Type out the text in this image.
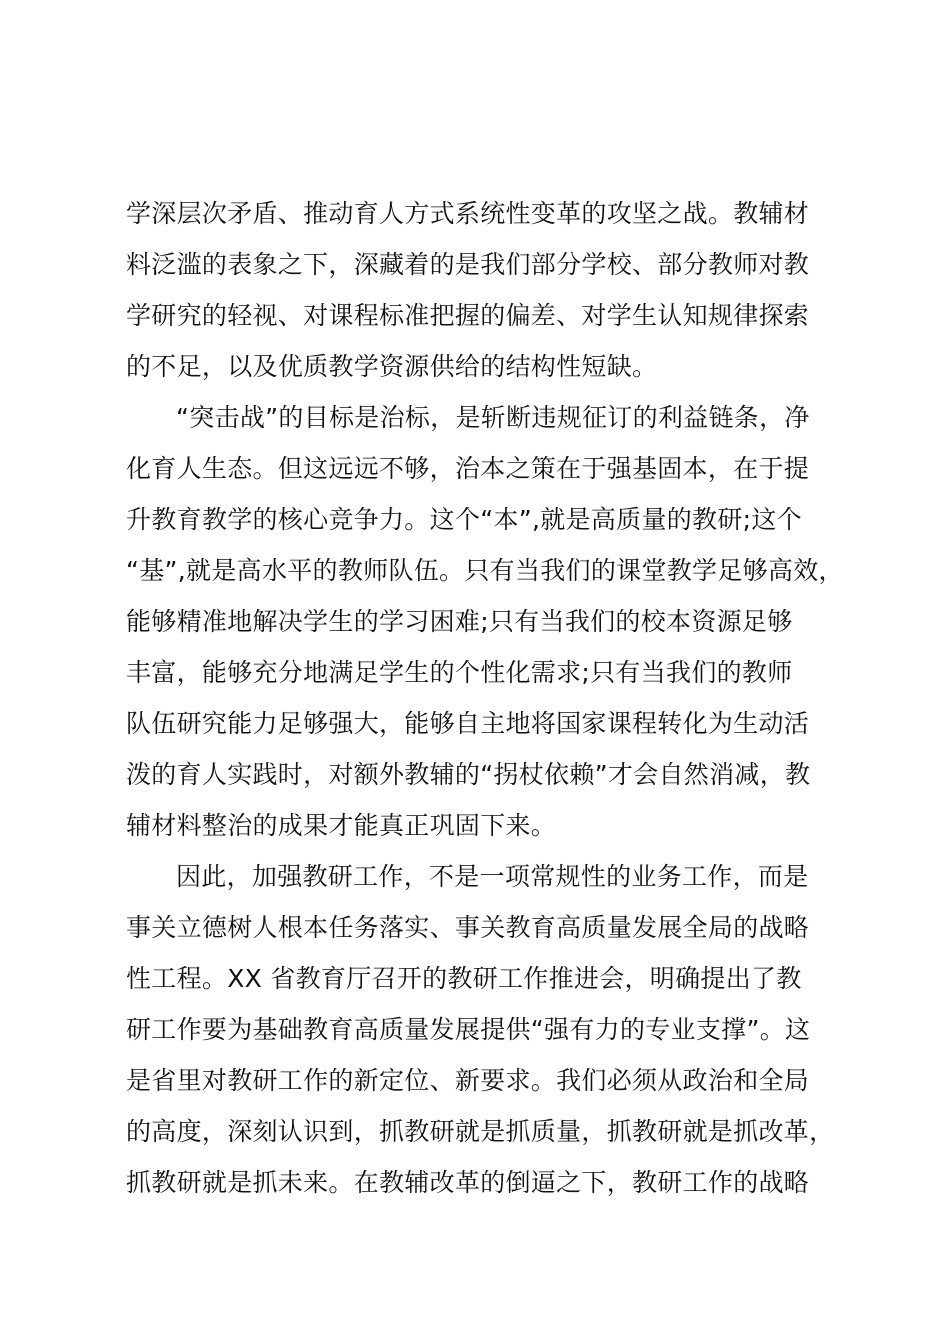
学深层次矛盾、推动育人方式系统性变革的攻坚之战。教辅材
料泛滥的表象之下，深藏着的是我们部分学校、部分教师对教
学研究的轻视、对课程标准把握的偏差、对学生认知规律探索
的不足，以及优质教学资源供给的结构性短缺。
“突击战”的目标是治标，是斩断违规征订的利益链条，净
化育人生态。但这远远不够，治本之策在于强基固本，在于提
升教育教学的核心竞争力。这个“本”,就是高质量的教研;这个
“基”,就是高水平的教师队伍。只有当我们的课堂教学足够高效，
能够精准地解决学生的学习困难;只有当我们的校本资源足够
丰富，能够充分地满足学生的个性化需求;只有当我们的教师
队伍研究能力足够强大，能够自主地将国家课程转化为生动活
泼的育人实践时，对额外教辅的“拐杖依赖”才会自然消减，教
辅材料整治的成果才能真正巩固下来。
因此，加强教研工作，不是一项常规性的业务工作，而是
事关立德树人根本任务落实、事关教育高质量发展全局的战略
性工程。XX 省教育厅召开的教研工作推进会，明确提出了教
研工作要为基础教育高质量发展提供“强有力的专业支撑”。这
是省里对教研工作的新定位、新要求。我们必须从政治和全局
的高度，深刻认识到，抓教研就是抓质量，抓教研就是抓改革，
抓教研就是抓未来。在教辅改革的倒逼之下，教研工作的战略
